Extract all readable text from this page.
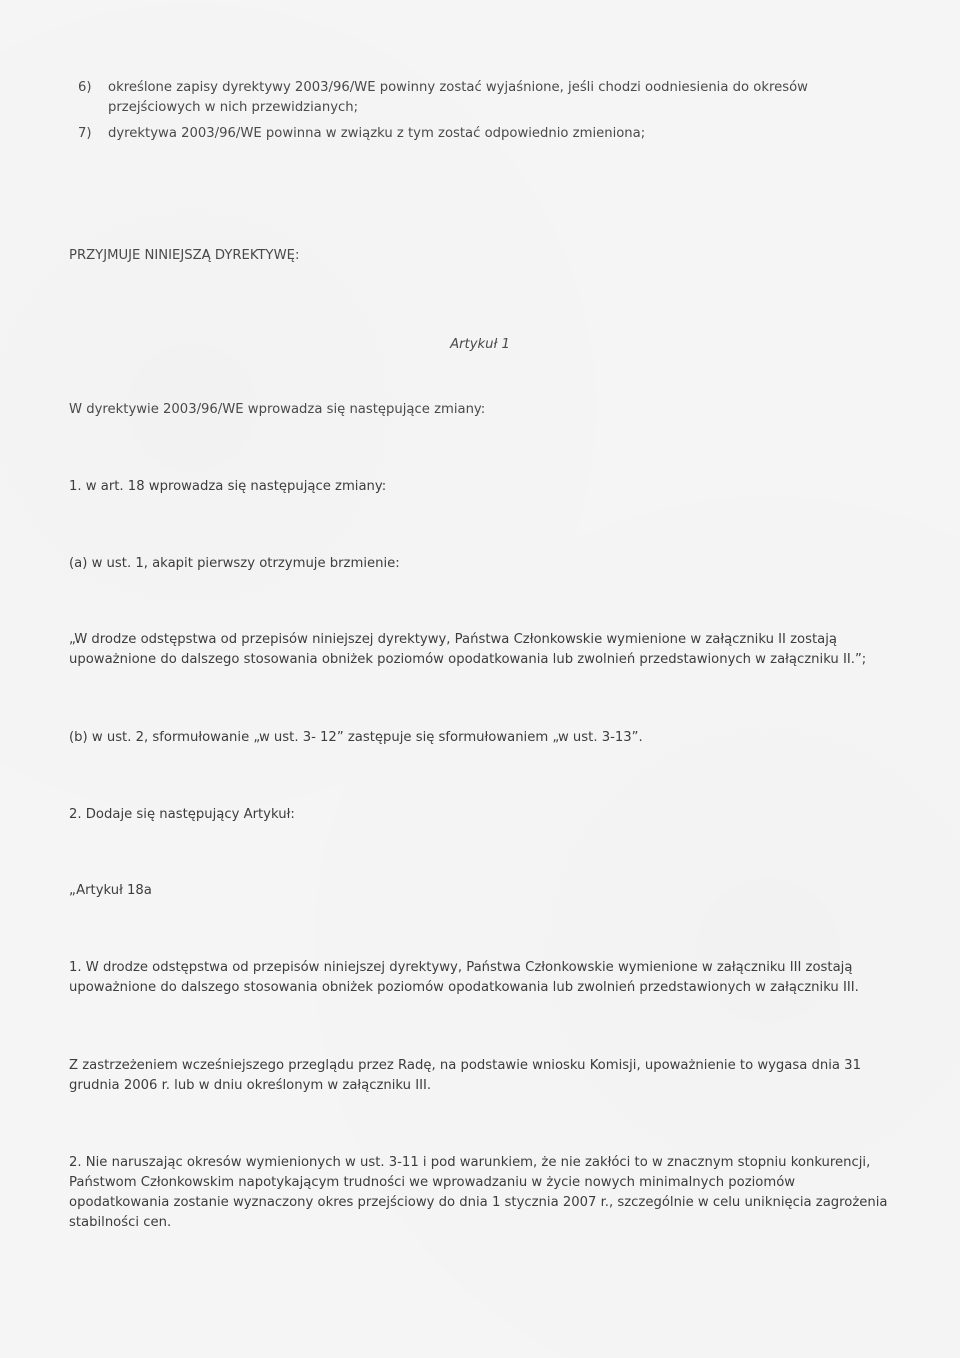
6) określone zapisy dyrektywy 2003/96/WE powinny zostać wyjaśnione, jeśli chodzi oodniesienia do okresów przejściowych w nich przewidzianych;
7) dyrektywa 2003/96/WE powinna w związku z tym zostać odpowiednio zmieniona;

PRZYJMUJE NINIEJSZĄ DYREKTYWĘ:

Artykuł 1

W dyrektywie 2003/96/WE wprowadza się następujące zmiany:

1. w art. 18 wprowadza się następujące zmiany:

(a) w ust. 1, akapit pierwszy otrzymuje brzmienie:

„W drodze odstępstwa od przepisów niniejszej dyrektywy, Państwa Członkowskie wymienione w załączniku II zostają upoważnione do dalszego stosowania obniżek poziomów opodatkowania lub zwolnień przedstawionych w załączniku II.”;

(b) w ust. 2, sformułowanie „w ust. 3- 12” zastępuje się sformułowaniem „w ust. 3-13”.

2. Dodaje się następujący Artykuł:

„Artykuł 18a

1. W drodze odstępstwa od przepisów niniejszej dyrektywy, Państwa Członkowskie wymienione w załączniku III zostają upoważnione do dalszego stosowania obniżek poziomów opodatkowania lub zwolnień przedstawionych w załączniku III.

Z zastrzeżeniem wcześniejszego przeglądu przez Radę, na podstawie wniosku Komisji, upoważnienie to wygasa dnia 31 grudnia 2006 r. lub w dniu określonym w załączniku III.

2. Nie naruszając okresów wymienionych w ust. 3-11 i pod warunkiem, że nie zakłóci to w znacznym stopniu konkurencji, Państwom Członkowskim napotykającym trudności we wprowadzaniu w życie nowych minimalnych poziomów opodatkowania zostanie wyznaczony okres przejściowy do dnia 1 stycznia 2007 r., szczególnie w celu uniknięcia zagrożenia stabilności cen.
